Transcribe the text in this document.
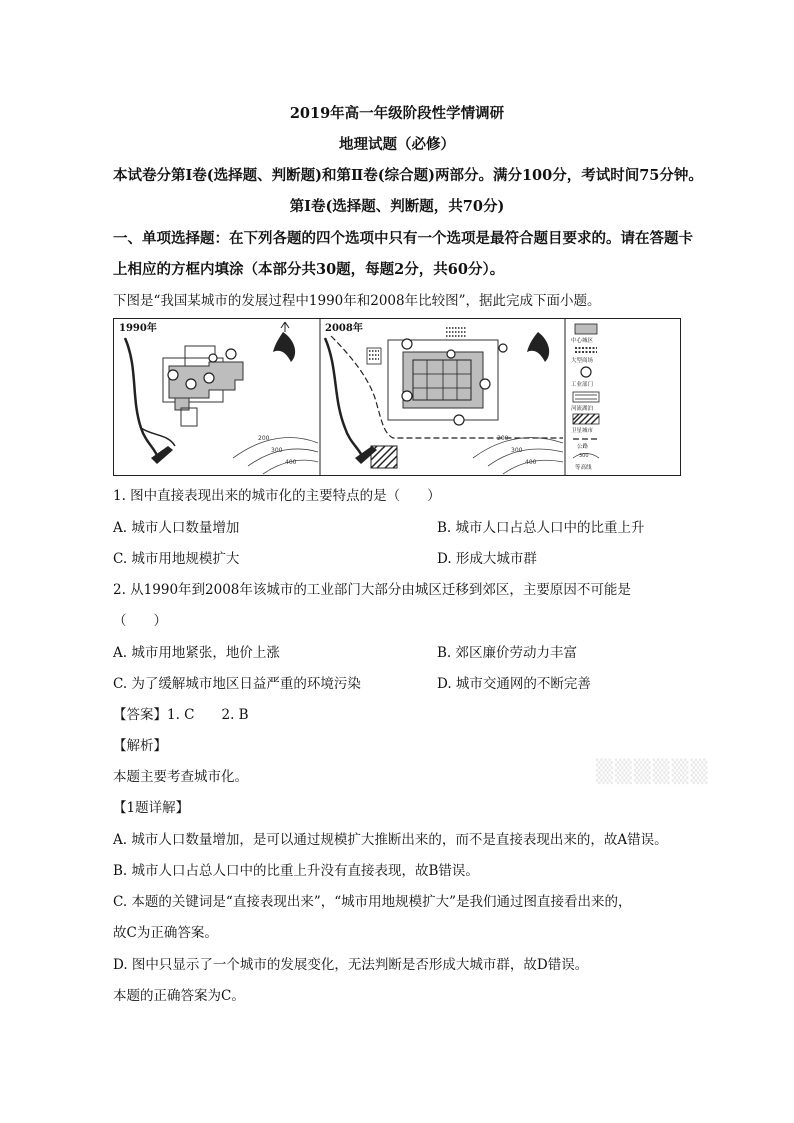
2019年高一年级阶段性学情调研
地理试题（必修）
本试卷分第Ⅰ卷(选择题、判断题)和第Ⅱ卷(综合题)两部分。满分100分，考试时间75分钟。
第Ⅰ卷(选择题、判断题，共70分)
一、单项选择题：在下列各题的四个选项中只有一个选项是最符合题目要求的。请在答题卡
上相应的方框内填涂（本部分共30题，每题2分，共60分）。
下图是“我国某城市的发展过程中1990年和2008年比较图”，据此完成下面小题。
200
300
400
1990年
200
300
400
2008年
中心城区
大型商场
工业部门
河流湖泊
卫星城市
公路
300
等高线
1. 图中直接表现出来的城市化的主要特点的是（　　）
A. 城市人口数量增加	B. 城市人口占总人口中的比重上升
C. 城市用地规模扩大	D. 形成大城市群
2. 从1990年到2008年该城市的工业部门大部分由城区迁移到郊区，主要原因不可能是
（　　）
A. 城市用地紧张，地价上涨	B. 郊区廉价劳动力丰富
C. 为了缓解城市地区日益严重的环境污染	D. 城市交通网的不断完善
【答案】1. C　　2. B
【解析】
本题主要考查城市化。
【1题详解】
A. 城市人口数量增加，是可以通过规模扩大推断出来的，而不是直接表现出来的，故A错误。
B. 城市人口占总人口中的比重上升没有直接表现，故B错误。
C. 本题的关键词是“直接表现出来”，“城市用地规模扩大”是我们通过图直接看出来的，
故C为正确答案。
D. 图中只显示了一个城市的发展变化，无法判断是否形成大城市群，故D错误。
本题的正确答案为C。
▒▒▒▒▒▒
